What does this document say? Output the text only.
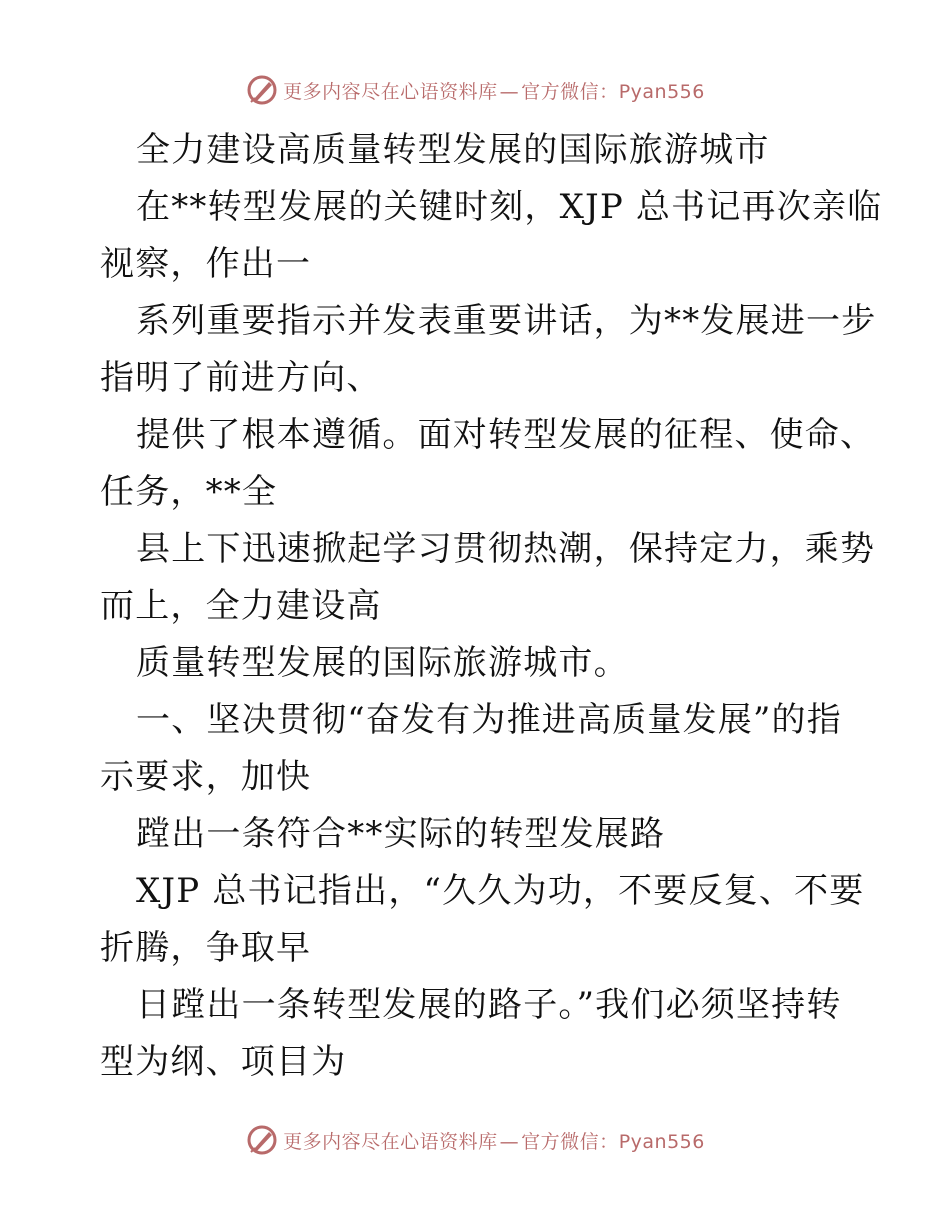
更多内容尽在心语资料库 — 官方微信：Pyan556

全力建设高质量转型发展的国际旅游城市

在**转型发展的关键时刻，XJP 总书记再次亲临

视察，作出一

系列重要指示并发表重要讲话，为**发展进一步

指明了前进方向、

提供了根本遵循。面对转型发展的征程、使命、

任务，**全

县上下迅速掀起学习贯彻热潮，保持定力，乘势

而上，全力建设高

质量转型发展的国际旅游城市。

一、坚决贯彻“奋发有为推进高质量发展”的指

示要求，加快

蹚出一条符合**实际的转型发展路

XJP 总书记指出，“久久为功，不要反复、不要

折腾，争取早

日蹚出一条转型发展的路子。”我们必须坚持转

型为纲、项目为

更多内容尽在心语资料库 — 官方微信：Pyan556
